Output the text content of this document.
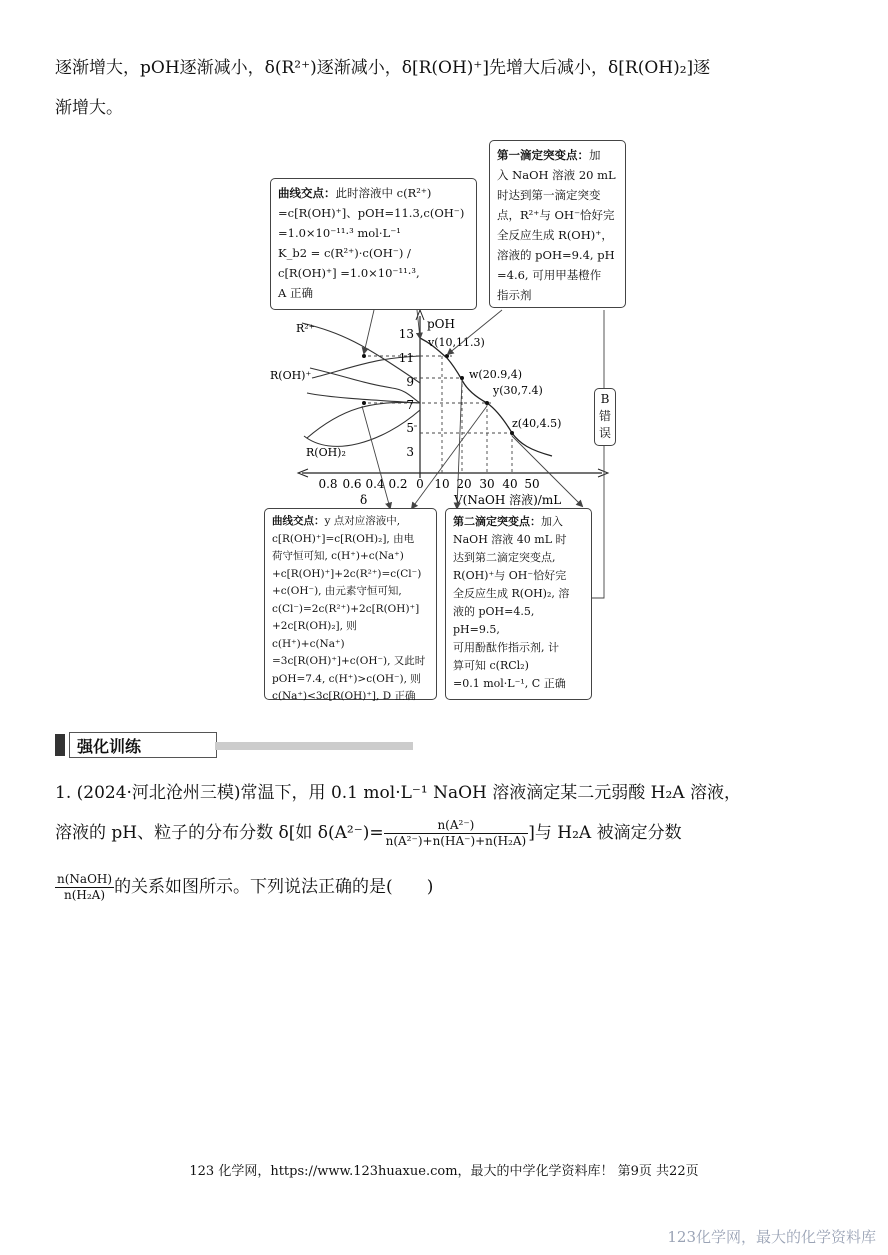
逐渐增大，pOH逐渐减小，δ(R²⁺)逐渐减小，δ[R(OH)⁺]先增大后减小，δ[R(OH)₂]逐
渐增大。
13
11
9
7
5
3
pOH
0.8 0.6 0.4 0.2 0 10 20 30 40 50
δ	V(NaOH 溶液)/mL
R²⁺
R(OH)⁺
R(OH)₂
v(10,11.3)
w(20.9,4)
y(30,7.4)
z(40,4.5)
曲线交点：此时溶液中 c(R²⁺)
=c[R(OH)⁺]、pOH=11.3,c(OH⁻)
=1.0×10⁻¹¹·³ mol·L⁻¹
K_b2 = c(R²⁺)·c(OH⁻) / c[R(OH)⁺] =1.0×10⁻¹¹·³,
A 正确
第一滴定突变点：加
入 NaOH 溶液 20 mL
时达到第一滴定突变
点，R²⁺与 OH⁻恰好完
全反应生成 R(OH)⁺，
溶液的 pOH=9.4, pH
=4.6, 可用甲基橙作
指示剂
B 错 误
曲线交点：y 点对应溶液中,
c[R(OH)⁺]=c[R(OH)₂], 由电
荷守恒可知, c(H⁺)+c(Na⁺)
+c[R(OH)⁺]+2c(R²⁺)=c(Cl⁻)
+c(OH⁻), 由元素守恒可知,
c(Cl⁻)=2c(R²⁺)+2c[R(OH)⁺]
+2c[R(OH)₂], 则 c(H⁺)+c(Na⁺)
=3c[R(OH)⁺]+c(OH⁻), 又此时
pOH=7.4, c(H⁺)>c(OH⁻), 则
c(Na⁺)<3c[R(OH)⁺], D 正确
第二滴定突变点：加入
NaOH 溶液 40 mL 时
达到第二滴定突变点,
R(OH)⁺与 OH⁻恰好完
全反应生成 R(OH)₂, 溶
液的 pOH=4.5, pH=9.5,
可用酚酞作指示剂, 计
算可知 c(RCl₂)
=0.1 mol·L⁻¹, C 正确
强化训练
1. (2024·河北沧州三模)常温下，用 0.1 mol·L⁻¹ NaOH 溶液滴定某二元弱酸 H₂A 溶液，
溶液的 pH、粒子的分布分数 δ[如 $\delta(A^{2-})= \frac{\text{n(A²⁻)}}{\text{n(A²⁻)+n(HA⁻)+n(H₂A)}}$ ]与 H₂A 被滴定分数
$\frac{\text{n(NaOH)}}{\text{n(H₂A)}}$ 的关系如图所示。下列说法正确的是(　　)
123 化学网，https://www.123huaxue.com，最大的中学化学资料库！ 第9页 共22页
123化学网，最大的化学资料库
